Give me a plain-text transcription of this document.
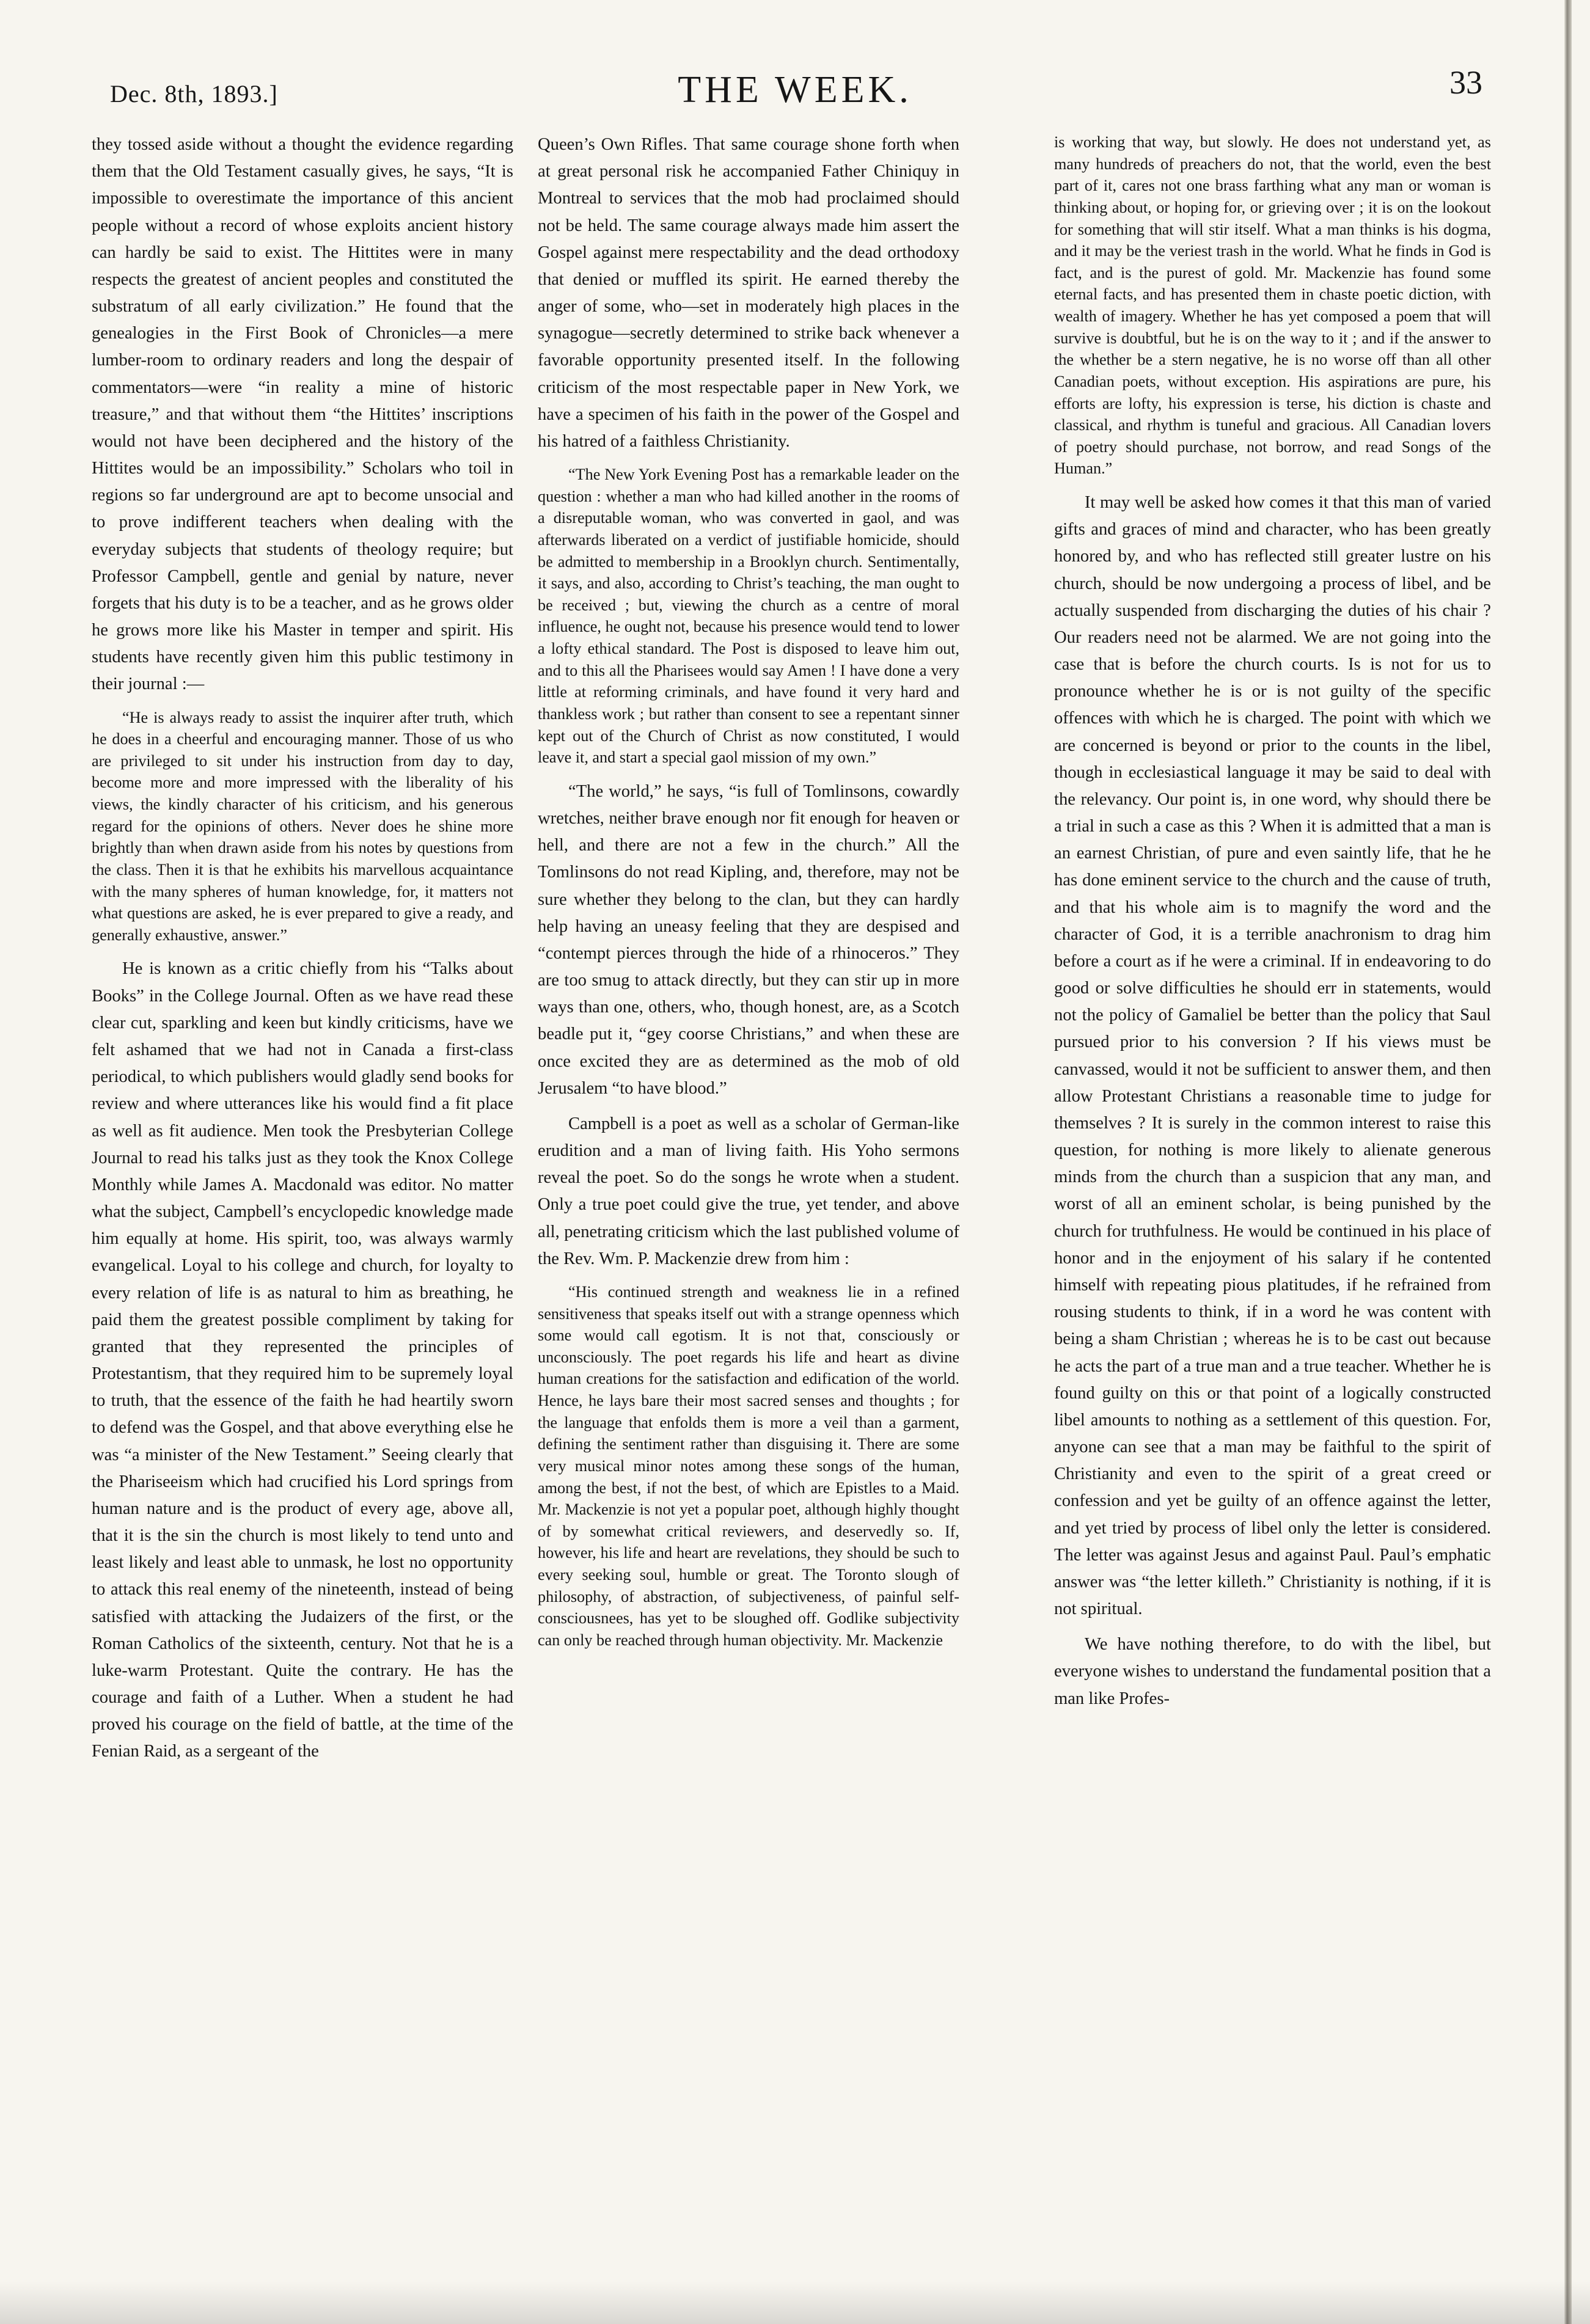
Dec. 8th, 1893.]	THE WEEK.	33

they tossed aside without a thought the evidence regarding them that the Old Testament casually gives, he says, “It is impossible to overestimate the importance of this ancient people without a record of whose exploits ancient history can hardly be said to exist. The Hittites were in many respects the greatest of ancient peoples and constituted the substratum of all early civilization.” He found that the genealogies in the First Book of Chronicles—a mere lumber-room to ordinary readers and long the despair of commentators—were “in reality a mine of historic treasure,” and that without them “the Hittites’ inscriptions would not have been deciphered and the history of the Hittites would be an impossibility.” Scholars who toil in regions so far underground are apt to become unsocial and to prove indifferent teachers when dealing with the everyday subjects that students of theology require; but Professor Campbell, gentle and genial by nature, never forgets that his duty is to be a teacher, and as he grows older he grows more like his Master in temper and spirit. His students have recently given him this public testimony in their journal :—

“He is always ready to assist the inquirer after truth, which he does in a cheerful and encouraging manner. Those of us who are privileged to sit under his instruction from day to day, become more and more impressed with the liberality of his views, the kindly character of his criticism, and his generous regard for the opinions of others. Never does he shine more brightly than when drawn aside from his notes by questions from the class. Then it is that he exhibits his marvellous acquaintance with the many spheres of human knowledge, for, it matters not what questions are asked, he is ever prepared to give a ready, and generally exhaustive, answer.”

He is known as a critic chiefly from his “Talks about Books” in the College Journal. Often as we have read these clear cut, sparkling and keen but kindly criticisms, have we felt ashamed that we had not in Canada a first-class periodical, to which publishers would gladly send books for review and where utterances like his would find a fit place as well as fit audience. Men took the Presbyterian College Journal to read his talks just as they took the Knox College Monthly while James A. Macdonald was editor. No matter what the subject, Campbell’s encyclopedic knowledge made him equally at home. His spirit, too, was always warmly evangelical. Loyal to his college and church, for loyalty to every relation of life is as natural to him as breathing, he paid them the greatest possible compliment by taking for granted that they represented the principles of Protestantism, that they required him to be supremely loyal to truth, that the essence of the faith he had heartily sworn to defend was the Gospel, and that above everything else he was “a minister of the New Testament.” Seeing clearly that the Phariseeism which had crucified his Lord springs from human nature and is the product of every age, above all, that it is the sin the church is most likely to tend unto and least likely and least able to unmask, he lost no opportunity to attack this real enemy of the nineteenth, instead of being satisfied with attacking the Judaizers of the first, or the Roman Catholics of the sixteenth, century. Not that he is a luke-warm Protestant. Quite the contrary. He has the courage and faith of a Luther. When a student he had proved his courage on the field of battle, at the time of the Fenian Raid, as a sergeant of the

Queen’s Own Rifles. That same courage shone forth when at great personal risk he accompanied Father Chiniquy in Montreal to services that the mob had proclaimed should not be held. The same courage always made him assert the Gospel against mere respectability and the dead orthodoxy that denied or muffled its spirit. He earned thereby the anger of some, who—set in moderately high places in the synagogue—secretly determined to strike back whenever a favorable opportunity presented itself. In the following criticism of the most respectable paper in New York, we have a specimen of his faith in the power of the Gospel and his hatred of a faithless Christianity.

“The New York Evening Post has a remarkable leader on the question : whether a man who had killed another in the rooms of a disreputable woman, who was converted in gaol, and was afterwards liberated on a verdict of justifiable homicide, should be admitted to membership in a Brooklyn church. Sentimentally, it says, and also, according to Christ’s teaching, the man ought to be received ; but, viewing the church as a centre of moral influence, he ought not, because his presence would tend to lower a lofty ethical standard. The Post is disposed to leave him out, and to this all the Pharisees would say Amen ! I have done a very little at reforming criminals, and have found it very hard and thankless work ; but rather than consent to see a repentant sinner kept out of the Church of Christ as now constituted, I would leave it, and start a special gaol mission of my own.”

“The world,” he says, “is full of Tomlinsons, cowardly wretches, neither brave enough nor fit enough for heaven or hell, and there are not a few in the church.” All the Tomlinsons do not read Kipling, and, therefore, may not be sure whether they belong to the clan, but they can hardly help having an uneasy feeling that they are despised and “contempt pierces through the hide of a rhinoceros.” They are too smug to attack directly, but they can stir up in more ways than one, others, who, though honest, are, as a Scotch beadle put it, “gey coorse Christians,” and when these are once excited they are as determined as the mob of old Jerusalem “to have blood.”

Campbell is a poet as well as a scholar of German-like erudition and a man of living faith. His Yoho sermons reveal the poet. So do the songs he wrote when a student. Only a true poet could give the true, yet tender, and above all, penetrating criticism which the last published volume of the Rev. Wm. P. Mackenzie drew from him :

“His continued strength and weakness lie in a refined sensitiveness that speaks itself out with a strange openness which some would call egotism. It is not that, consciously or unconsciously. The poet regards his life and heart as divine human creations for the satisfaction and edification of the world. Hence, he lays bare their most sacred senses and thoughts ; for the language that enfolds them is more a veil than a garment, defining the sentiment rather than disguising it. There are some very musical minor notes among these songs of the human, among the best, if not the best, of which are Epistles to a Maid. Mr. Mackenzie is not yet a popular poet, although highly thought of by somewhat critical reviewers, and deservedly so. If, however, his life and heart are revelations, they should be such to every seeking soul, humble or great. The Toronto slough of philosophy, of abstraction, of subjectiveness, of painful self-consciousnees, has yet to be sloughed off. Godlike subjectivity can only be reached through human objectivity. Mr. Mackenzie
is working that way, but slowly. He does not understand yet, as many hundreds of preachers do not, that the world, even the best part of it, cares not one brass farthing what any man or woman is thinking about, or hoping for, or grieving over ; it is on the lookout for something that will stir itself. What a man thinks is his dogma, and it may be the veriest trash in the world. What he finds in God is fact, and is the purest of gold. Mr. Mackenzie has found some eternal facts, and has presented them in chaste poetic diction, with wealth of imagery. Whether he has yet composed a poem that will survive is doubtful, but he is on the way to it ; and if the answer to the whether be a stern negative, he is no worse off than all other Canadian poets, without exception. His aspirations are pure, his efforts are lofty, his expression is terse, his diction is chaste and classical, and rhythm is tuneful and gracious. All Canadian lovers of poetry should purchase, not borrow, and read Songs of the Human.”

It may well be asked how comes it that this man of varied gifts and graces of mind and character, who has been greatly honored by, and who has reflected still greater lustre on his church, should be now undergoing a process of libel, and be actually suspended from discharging the duties of his chair ? Our readers need not be alarmed. We are not going into the case that is before the church courts. Is is not for us to pronounce whether he is or is not guilty of the specific offences with which he is charged. The point with which we are concerned is beyond or prior to the counts in the libel, though in ecclesiastical language it may be said to deal with the relevancy. Our point is, in one word, why should there be a trial in such a case as this ? When it is admitted that a man is an earnest Christian, of pure and even saintly life, that he he has done eminent service to the church and the cause of truth, and that his whole aim is to magnify the word and the character of God, it is a terrible anachronism to drag him before a court as if he were a criminal. If in endeavoring to do good or solve difficulties he should err in statements, would not the policy of Gamaliel be better than the policy that Saul pursued prior to his conversion ? If his views must be canvassed, would it not be sufficient to answer them, and then allow Protestant Christians a reasonable time to judge for themselves ? It is surely in the common interest to raise this question, for nothing is more likely to alienate generous minds from the church than a suspicion that any man, and worst of all an eminent scholar, is being punished by the church for truthfulness. He would be continued in his place of honor and in the enjoyment of his salary if he contented himself with repeating pious platitudes, if he refrained from rousing students to think, if in a word he was content with being a sham Christian ; whereas he is to be cast out because he acts the part of a true man and a true teacher. Whether he is found guilty on this or that point of a logically constructed libel amounts to nothing as a settlement of this question. For, anyone can see that a man may be faithful to the spirit of Christianity and even to the spirit of a great creed or confession and yet be guilty of an offence against the letter, and yet tried by process of libel only the letter is considered. The letter was against Jesus and against Paul. Paul’s emphatic answer was “the letter killeth.” Christianity is nothing, if it is not spiritual.

We have nothing therefore, to do with the libel, but everyone wishes to understand the fundamental position that a man like Profes-
